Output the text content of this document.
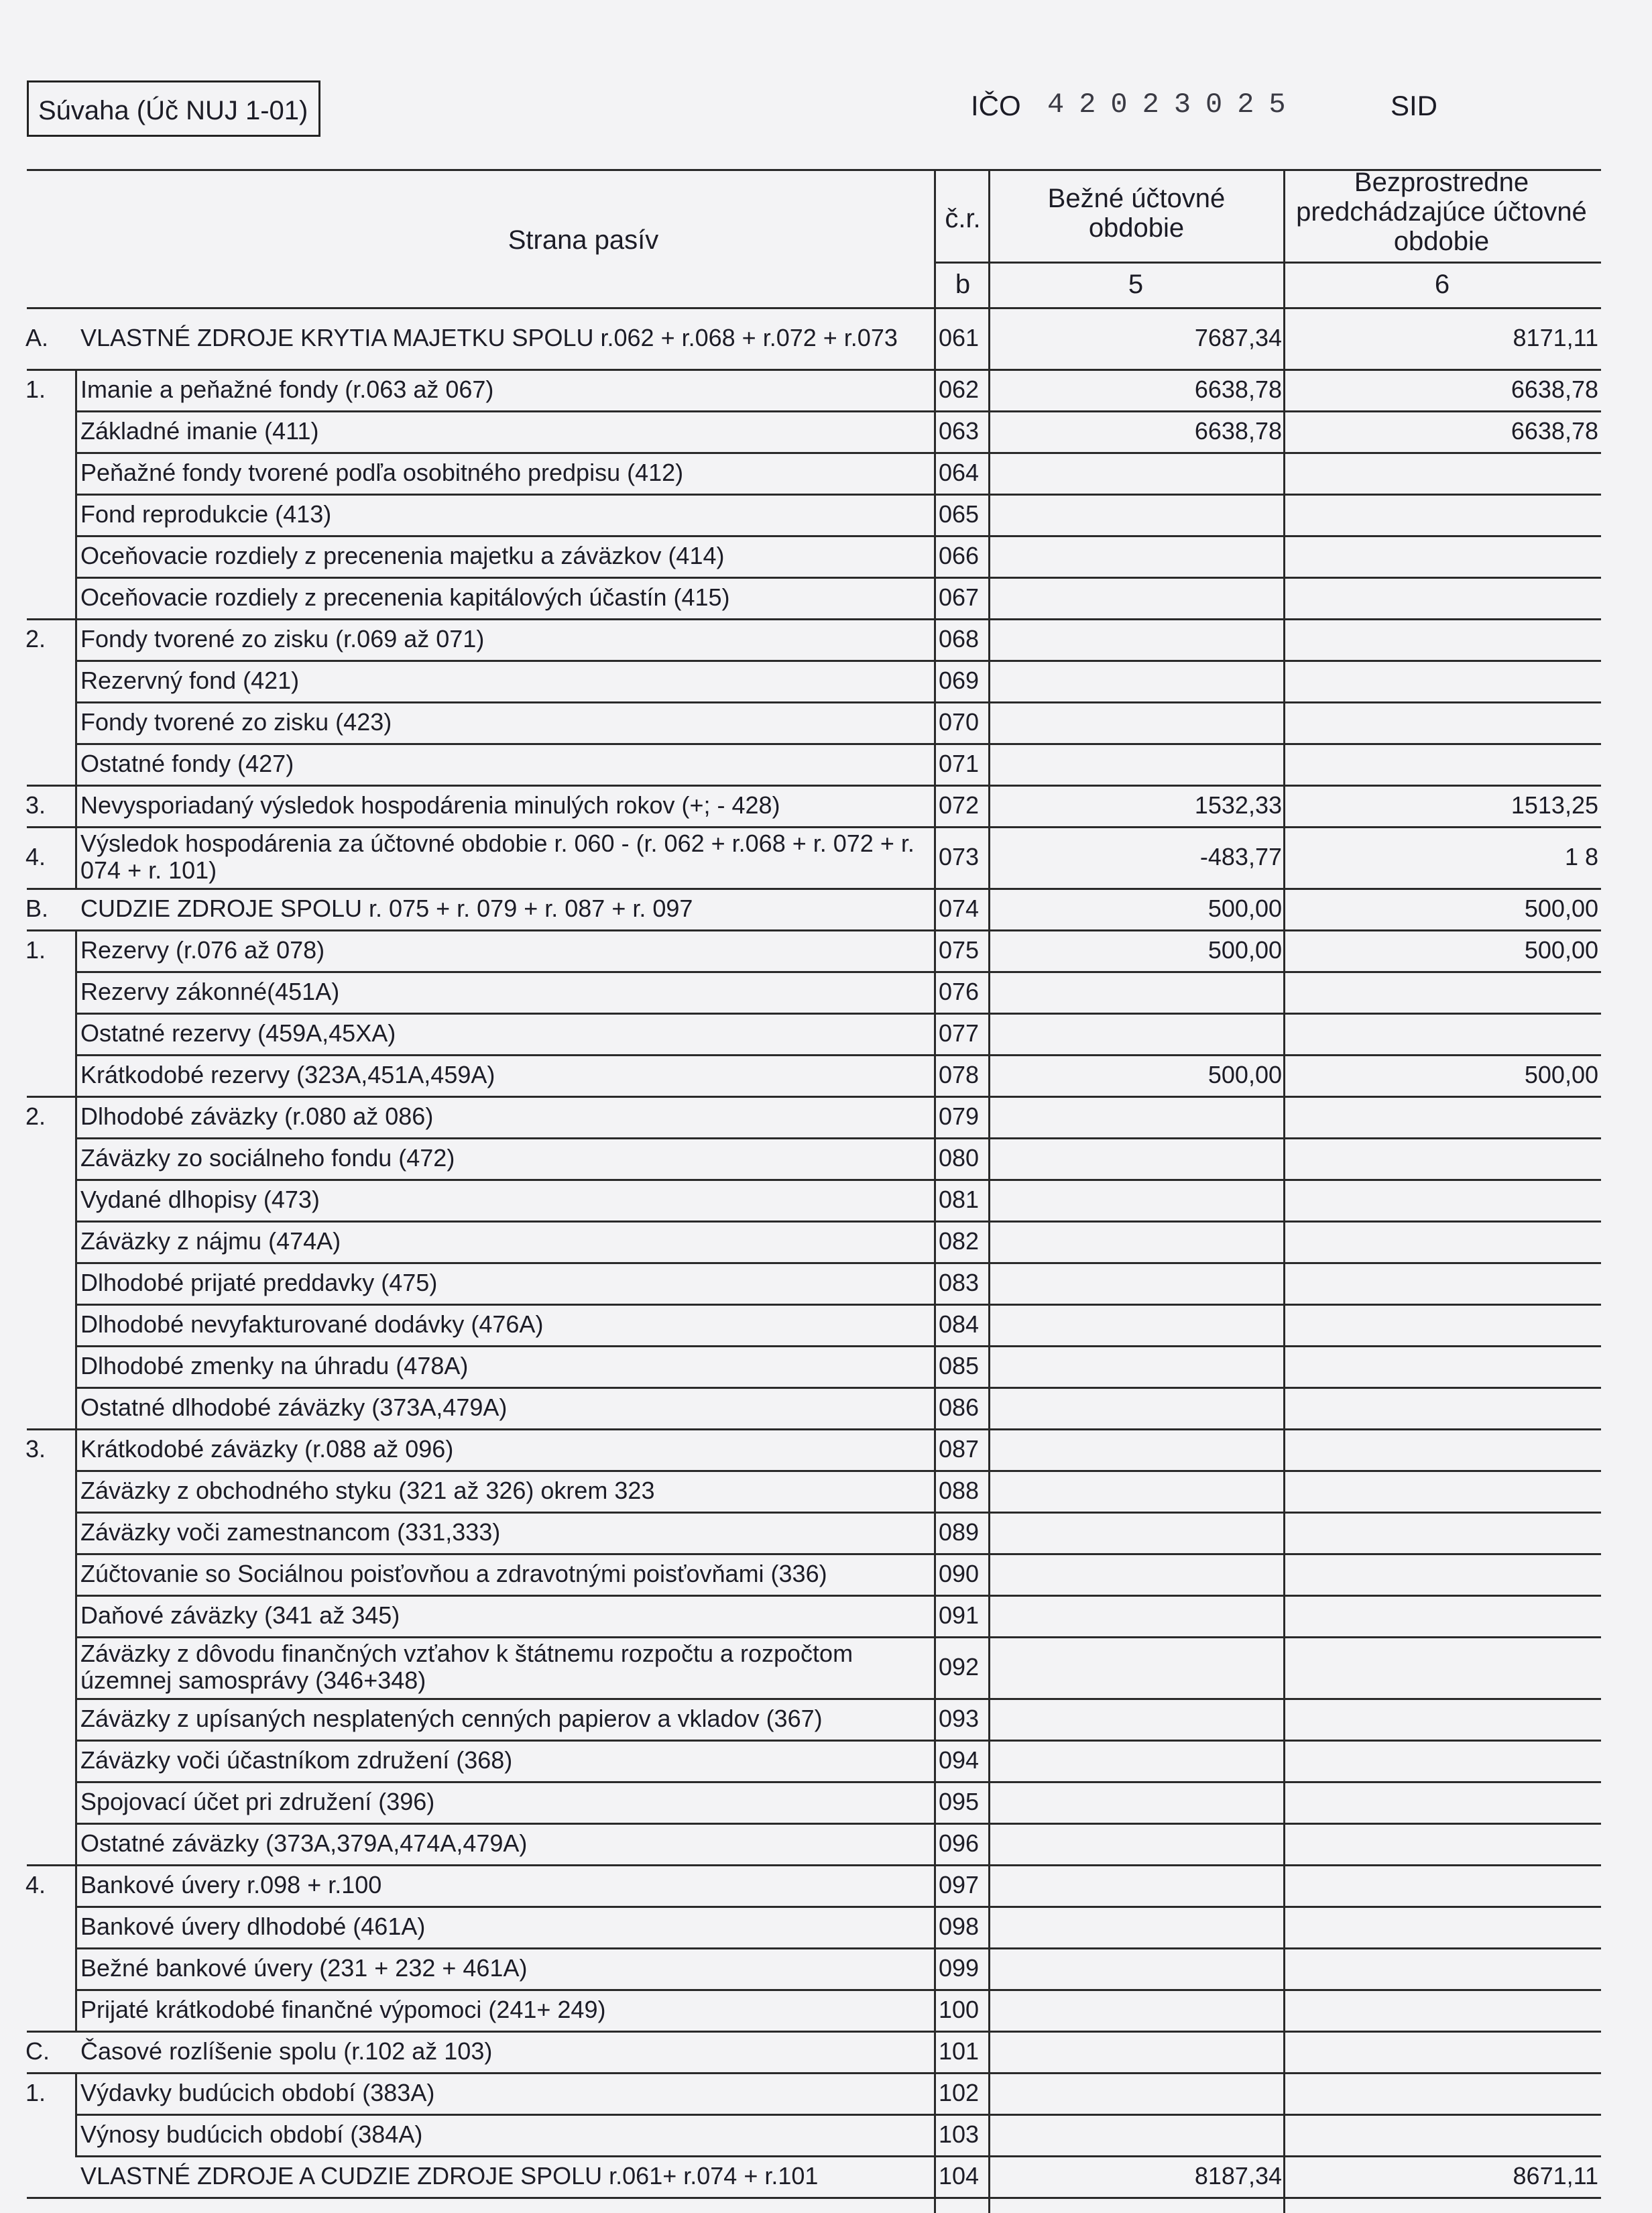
Súvaha (Úč NUJ 1-01)	IČO 42023025	SID
Strana pasív
č.r.
Bežné účtovné obdobie
Bezprostredne predchádzajúce účtovné obdobie
b	5	6
A.	VLASTNÉ ZDROJE KRYTIA MAJETKU SPOLU r.062 + r.068 + r.072 + r.073	061	7687,34	8171,11
1.	Imanie a peňažné fondy (r.063 až 067)	062	6638,78	6638,78
Základné imanie (411)	063	6638,78	6638,78
Peňažné fondy tvorené podľa osobitného predpisu (412)	064
Fond reprodukcie (413)	065
Oceňovacie rozdiely z precenenia majetku a záväzkov (414)	066
Oceňovacie rozdiely z precenenia kapitálových účastín (415)	067
2.	Fondy tvorené zo zisku (r.069 až 071)	068
Rezervný fond (421)	069
Fondy tvorené zo zisku (423)	070
Ostatné fondy (427)	071
3.	Nevysporiadaný výsledok hospodárenia minulých rokov (+; - 428)	072	1532,33	1513,25
4.	Výsledok hospodárenia za účtovné obdobie r. 060 - (r. 062 + r.068 + r. 072 + r. 074 + r. 101)	073	-483,77	1 8
B.	CUDZIE ZDROJE SPOLU r. 075 + r. 079 + r. 087 + r. 097	074	500,00	500,00
1.	Rezervy (r.076 až 078)	075	500,00	500,00
Rezervy zákonné(451A)	076
Ostatné rezervy (459A,45XA)	077
Krátkodobé rezervy (323A,451A,459A)	078	500,00	500,00
2.	Dlhodobé záväzky (r.080 až 086)	079
Záväzky zo sociálneho fondu (472)	080
Vydané dlhopisy (473)	081
Záväzky z nájmu (474A)	082
Dlhodobé prijaté preddavky (475)	083
Dlhodobé nevyfakturované dodávky (476A)	084
Dlhodobé zmenky na úhradu (478A)	085
Ostatné dlhodobé záväzky (373A,479A)	086
3.	Krátkodobé záväzky (r.088 až 096)	087
Záväzky z obchodného styku (321 až 326) okrem 323	088
Záväzky voči zamestnancom (331,333)	089
Zúčtovanie so Sociálnou poisťovňou a zdravotnými poisťovňami (336)	090
Daňové záväzky (341 až 345)	091
Záväzky z dôvodu finančných vzťahov k štátnemu rozpočtu a rozpočtom územnej samosprávy (346+348)	092
Záväzky z upísaných nesplatených cenných papierov a vkladov (367)	093
Záväzky voči účastníkom združení (368)	094
Spojovací účet pri združení (396)	095
Ostatné záväzky (373A,379A,474A,479A)	096
4.	Bankové úvery r.098 + r.100	097
Bankové úvery dlhodobé (461A)	098
Bežné bankové úvery (231 + 232 + 461A)	099
Prijaté krátkodobé finančné výpomoci (241+ 249)	100
C.	Časové rozlíšenie spolu (r.102 až 103)	101
1.	Výdavky budúcich období (383A)	102
Výnosy budúcich období (384A)	103
VLASTNÉ ZDROJE A CUDZIE ZDROJE SPOLU r.061+ r.074 + r.101	104	8187,34	8671,11
